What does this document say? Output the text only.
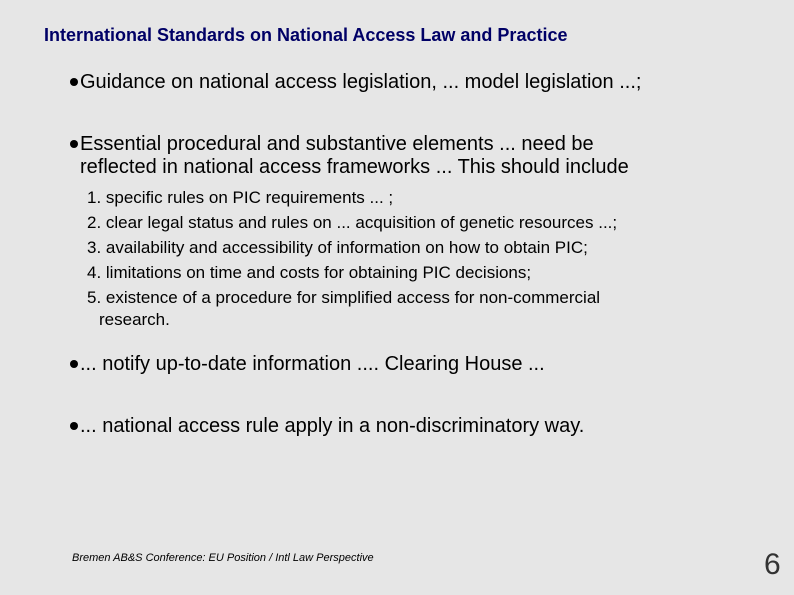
International Standards on National Access Law and Practice
Guidance on national access legislation, ... model legislation ...;
Essential procedural and substantive elements ... need be
reflected in national access frameworks ... This should include
1. specific rules on PIC requirements ... ;
2. clear legal status and rules on ... acquisition of genetic resources ...;
3. availability and accessibility of information on how to obtain PIC;
4. limitations on time and costs for obtaining PIC decisions;
5. existence of a procedure for simplified access for non-commercial
research.
... notify up-to-date information .... Clearing House ...
... national access rule apply in a non-discriminatory way.
Bremen AB&S Conference: EU Position / Intl Law Perspective	6
